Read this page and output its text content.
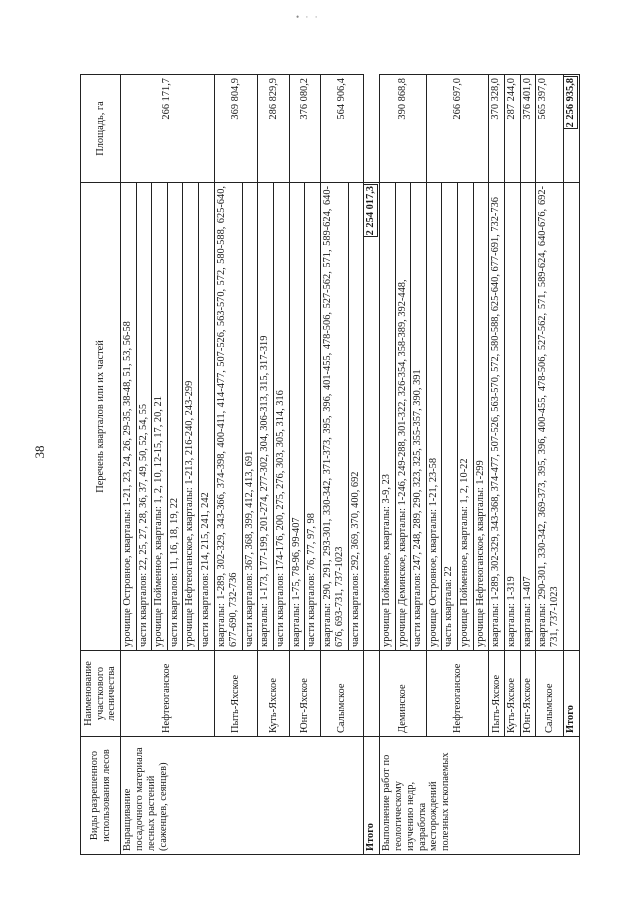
• · ·
38
Виды разрешенного использования лесов	Наименование участкового лесничества	Перечень кварталов или их частей	Площадь, га
Выращивание посадочного материала лесных растений (саженцев, сеянцев)	Нефтеюганское	урочище Островное, кварталы: 1-21, 23, 24, 26, 29-35, 38-48, 51, 53, 56-58	266 171,7
		части кварталов: 22, 25, 27, 28, 36, 37, 49, 50, 52, 54, 55	
		урочище Пойменное, кварталы: 1, 2, 10, 12-15, 17, 20, 21	
		части кварталов: 11, 16, 18, 19, 22	
		урочище Нефтеюганское, кварталы: 1-213, 216-240, 243-299	
		части кварталов: 214, 215, 241, 242	
	Пыть-Яхское	кварталы: 1-289, 302-329, 343-366, 374-398, 400-411, 414-477, 507-526, 563-570, 572, 580-588, 625-640, 677-690, 732-736	369 804,9
		части кварталов: 367, 368, 399, 412, 413, 691	
	Куть-Яхское	кварталы: 1-173, 177-199, 201-274, 277-302, 304, 306-313, 315, 317-319	286 829,9
		части кварталов: 174-176, 200, 275, 276, 303, 305, 314, 316	
	Юнг-Яхское	кварталы: 1-75, 78-96, 99-407	376 080,2
		части кварталов: 76, 77, 97, 98	
	Салымское	кварталы: 290, 291, 293-301, 330-342, 371-373, 395, 396, 401-455, 478-506, 527-562, 571, 589-624, 640-676, 693-731, 737-1023	564 906,4
		части кварталов: 292, 369, 370, 400, 692	
Итого		2 254 017,3	
Выполнение работ по геологическому изучению недр, разработка месторождений полезных ископаемых	Деминское	урочище Пойменное, кварталы: 3-9, 23	390 868,8
		урочище Деминское, кварталы: 1-246, 249-288, 301-322, 326-354, 358-389, 392-448,	
		части кварталов: 247, 248, 289, 290, 323, 325, 355-357, 390, 391	
	Нефтеюганское	урочище Островное, кварталы: 1-21, 23-58	266 697,0
		часть квартала: 22	
		урочище Пойменное, кварталы: 1, 2, 10-22	
		урочище Нефтеюганское, кварталы: 1-299	
	Пыть-Яхское	кварталы: 1-289, 302-329, 343-368, 374-477, 507-526, 563-570, 572, 580-588, 625-640, 677-691, 732-736	370 328,0
	Куть-Яхское	кварталы: 1-319	287 244,0
	Юнг-Яхское	кварталы: 1-407	376 401,0
	Салымское	кварталы: 290-301, 330-342, 369-373, 395, 396, 400-455, 478-506, 527-562, 571, 589-624, 640-676, 692-731, 737-1023	565 397,0
	Итого		2 256 935,8
